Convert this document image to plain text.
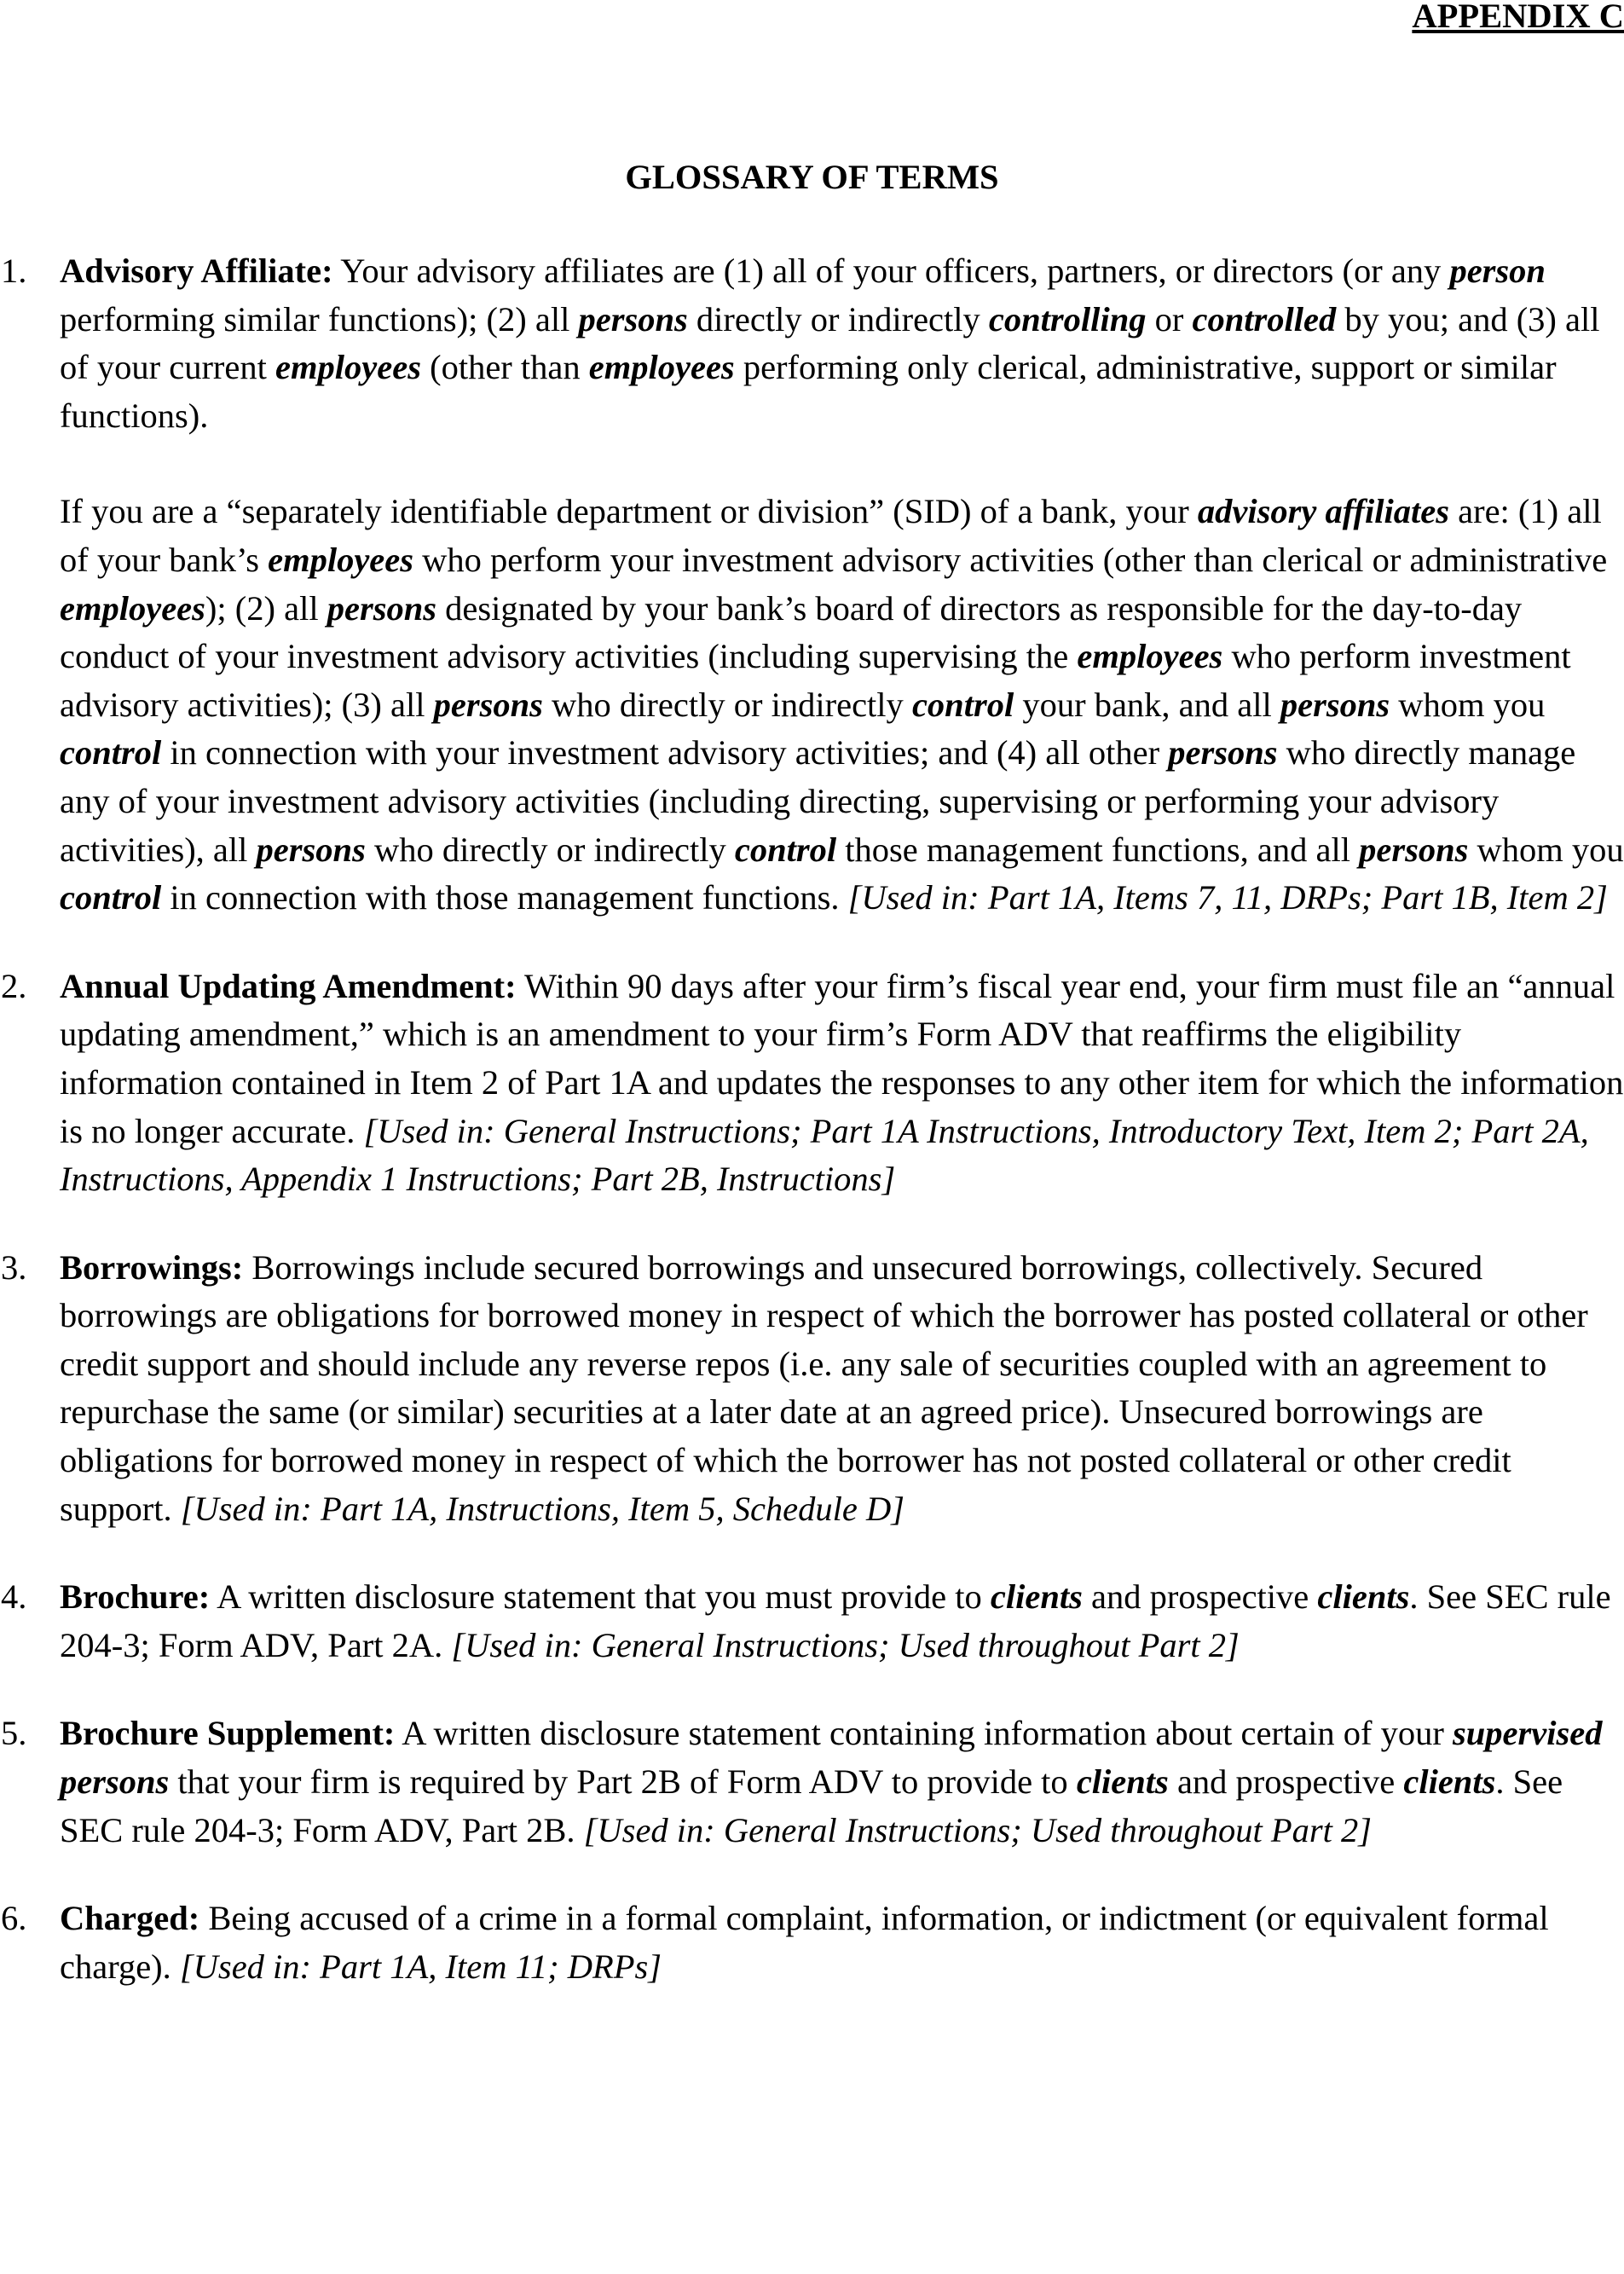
APPENDIX C
GLOSSARY OF TERMS
1. Advisory Affiliate: Your advisory affiliates are (1) all of your officers, partners, or directors (or any person performing similar functions); (2) all persons directly or indirectly controlling or controlled by you; and (3) all of your current employees (other than employees performing only clerical, administrative, support or similar functions).

If you are a “separately identifiable department or division” (SID) of a bank, your advisory affiliates are: (1) all of your bank’s employees who perform your investment advisory activities (other than clerical or administrative employees); (2) all persons designated by your bank’s board of directors as responsible for the day-to-day conduct of your investment advisory activities (including supervising the employees who perform investment advisory activities); (3) all persons who directly or indirectly control your bank, and all persons whom you control in connection with your investment advisory activities; and (4) all other persons who directly manage any of your investment advisory activities (including directing, supervising or performing your advisory activities), all persons who directly or indirectly control those management functions, and all persons whom you control in connection with those management functions. [Used in: Part 1A, Items 7, 11, DRPs; Part 1B, Item 2]

2. Annual Updating Amendment: Within 90 days after your firm’s fiscal year end, your firm must file an “annual updating amendment,” which is an amendment to your firm’s Form ADV that reaffirms the eligibility information contained in Item 2 of Part 1A and updates the responses to any other item for which the information is no longer accurate. [Used in: General Instructions; Part 1A Instructions, Introductory Text, Item 2; Part 2A, Instructions, Appendix 1 Instructions; Part 2B, Instructions]

3. Borrowings: Borrowings include secured borrowings and unsecured borrowings, collectively. Secured borrowings are obligations for borrowed money in respect of which the borrower has posted collateral or other credit support and should include any reverse repos (i.e. any sale of securities coupled with an agreement to repurchase the same (or similar) securities at a later date at an agreed price). Unsecured borrowings are obligations for borrowed money in respect of which the borrower has not posted collateral or other credit support. [Used in: Part 1A, Instructions, Item 5, Schedule D]

4. Brochure: A written disclosure statement that you must provide to clients and prospective clients. See SEC rule 204-3; Form ADV, Part 2A. [Used in: General Instructions; Used throughout Part 2]

5. Brochure Supplement: A written disclosure statement containing information about certain of your supervised persons that your firm is required by Part 2B of Form ADV to provide to clients and prospective clients. See SEC rule 204-3; Form ADV, Part 2B. [Used in: General Instructions; Used throughout Part 2]

6. Charged: Being accused of a crime in a formal complaint, information, or indictment (or equivalent formal charge). [Used in: Part 1A, Item 11; DRPs]
